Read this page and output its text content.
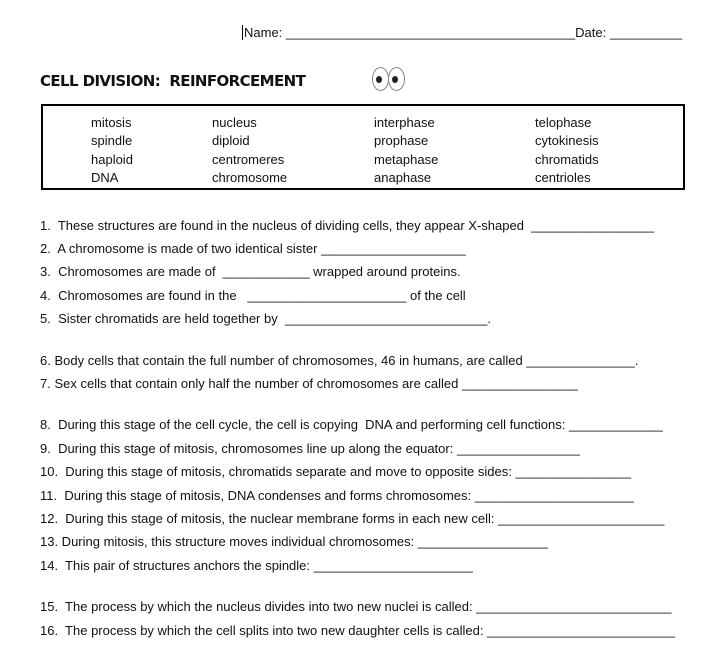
Name: ________________________________________Date: __________
CELL DIVISION:  REINFORCEMENT
mitosis
spindle
haploid
DNA
nucleus
diploid
centromeres
chromosome
interphase
prophase
metaphase
anaphase
telophase
cytokinesis
chromatids
centrioles
1.  These structures are found in the nucleus of dividing cells, they appear X-shaped  _________________
2.  A chromosome is made of two identical sister ____________________
3.  Chromosomes are made of  ____________ wrapped around proteins.
4.  Chromosomes are found in the   ______________________ of the cell
5.  Sister chromatids are held together by  ____________________________.
6. Body cells that contain the full number of chromosomes, 46 in humans, are called _______________.
7. Sex cells that contain only half the number of chromosomes are called ________________
8.  During this stage of the cell cycle, the cell is copying  DNA and performing cell functions: _____________
9.  During this stage of mitosis, chromosomes line up along the equator: _________________
10.  During this stage of mitosis, chromatids separate and move to opposite sides: ________________
11.  During this stage of mitosis, DNA condenses and forms chromosomes: ______________________
12.  During this stage of mitosis, the nuclear membrane forms in each new cell: _______________________
13. During mitosis, this structure moves individual chromosomes: __________________
14.  This pair of structures anchors the spindle: ______________________
15.  The process by which the nucleus divides into two new nuclei is called: ___________________________
16.  The process by which the cell splits into two new daughter cells is called: __________________________
